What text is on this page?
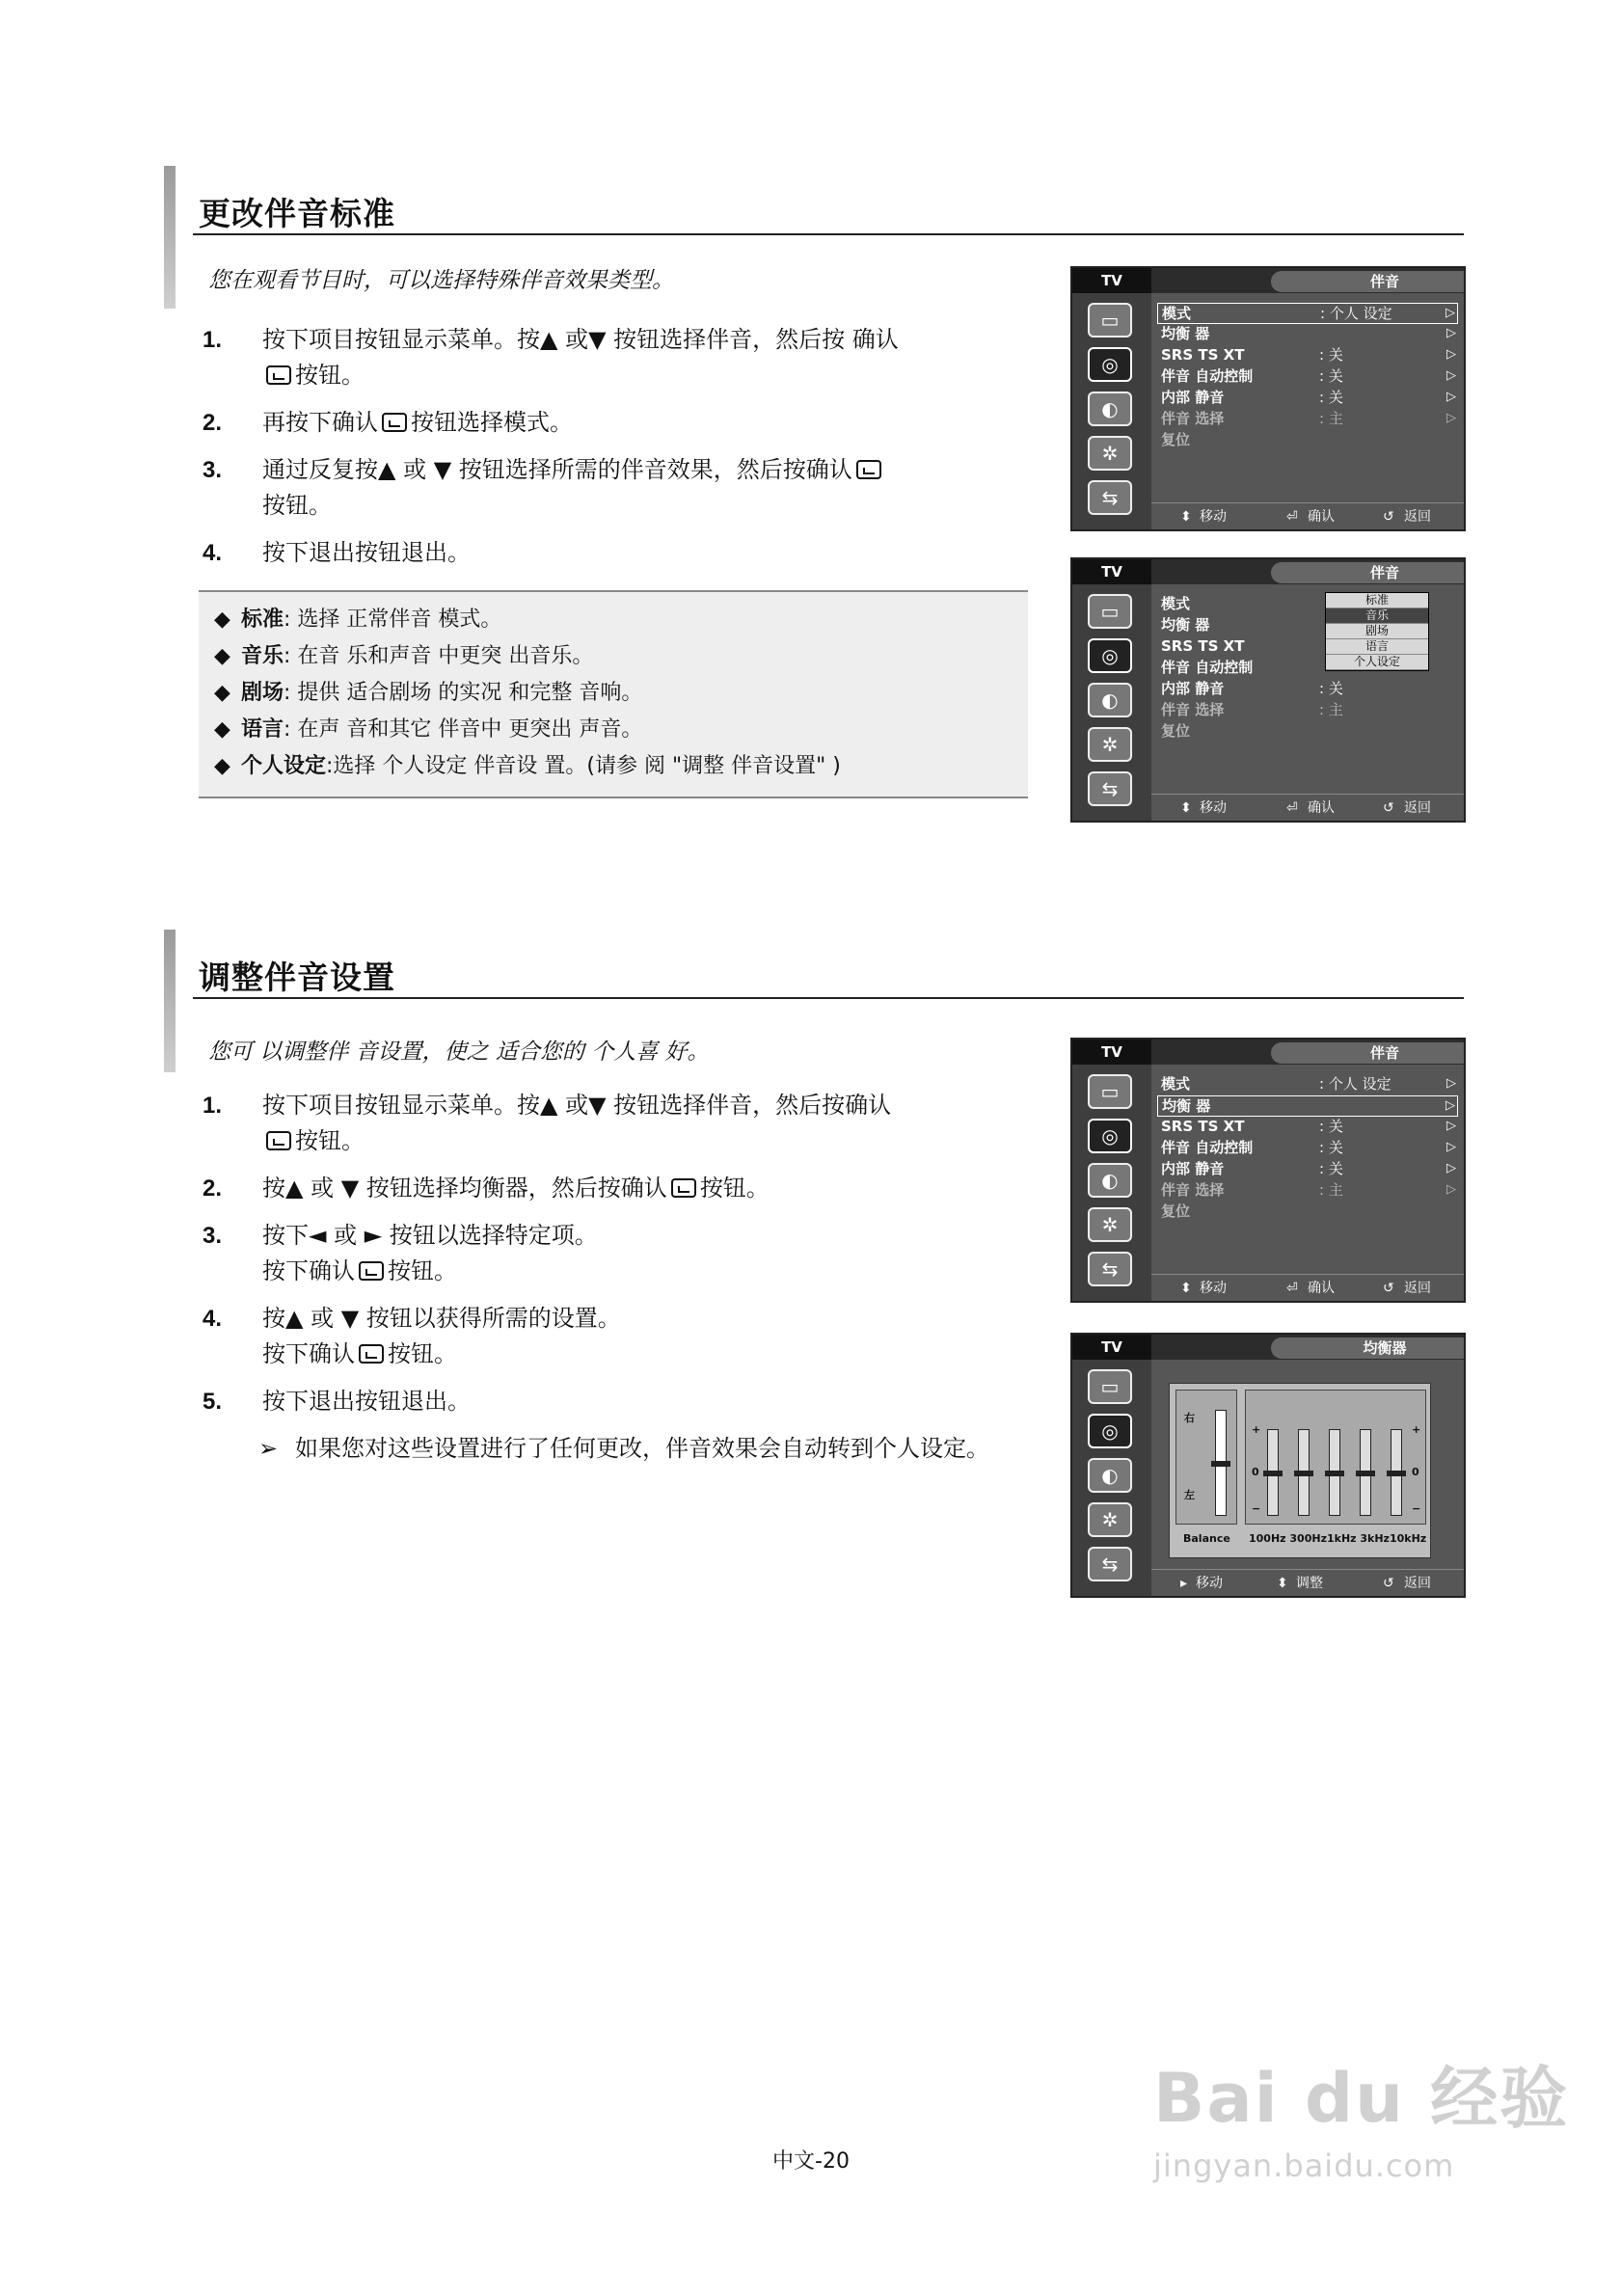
更改伴音标准
您在观看节目时，可以选择特殊伴音效果类型。
1. 按下项目按钮显示菜单。按▲ 或▼ 按钮选择伴音，然后按 确认
按钮。
2. 再按下确认 按钮选择模式。
3. 通过反复按▲ 或 ▼ 按钮选择所需的伴音效果，然后按确认
按钮。
4. 按下退出按钮退出。
◆ 标准: 选择 正常伴音 模式。
◆ 音乐: 在音 乐和声音 中更突 出音乐。
◆ 剧场: 提供 适合剧场 的实况 和完整 音响。
◆ 语言: 在声 音和其它 伴音中 更突出 声音。
◆ 个人设定:选择 个人设定 伴音设 置。(请参 阅 "调整 伴音设置" )
TV
▭
◎
◐
✲
⇆
伴音
模式	: 个人 设定	▷
均衡 器	▷
SRS TS XT	: 关	▷
伴音 自动控制	: 关	▷
内部 静音	: 关	▷
伴音 选择	: 主	▷
复位
⬍ 移动	⏎ 确认	↺ 返回
TV
▭
◎
◐
✲
⇆
伴音
模式
均衡 器
SRS TS XT
伴音 自动控制
内部 静音	: 关
伴音 选择	: 主
复位
标准
音乐
剧场
语言
个人设定
⬍ 移动	⏎ 确认	↺ 返回
调整伴音设置
您可 以调整伴 音设置，使之 适合您的 个人喜 好。
1. 按下项目按钮显示菜单。按▲ 或▼ 按钮选择伴音，然后按确认
按钮。
2. 按▲ 或 ▼ 按钮选择均衡器，然后按确认 按钮。
3. 按下◄ 或 ► 按钮以选择特定项。
按下确认 按钮。
4. 按▲ 或 ▼ 按钮以获得所需的设置。
按下确认 按钮。
5. 按下退出按钮退出。
➢ 如果您对这些设置进行了任何更改，伴音效果会自动转到个人设定。
TV
▭
◎
◐
✲
⇆
伴音
模式	: 个人 设定	▷
均衡 器	▷
SRS TS XT	: 关	▷
伴音 自动控制	: 关	▷
内部 静音	: 关	▷
伴音 选择	: 主	▷
复位
⬍ 移动	⏎ 确认	↺ 返回
TV
▭
◎
◐
✲
⇆
均衡器
右
左
+
0
−
+
0
−
Balance 100Hz 300Hz1kHz 3kHz10kHz
▸ 移动	⬍ 调整	↺ 返回
中文-20
Bai du 经验
jingyan.baidu.com
